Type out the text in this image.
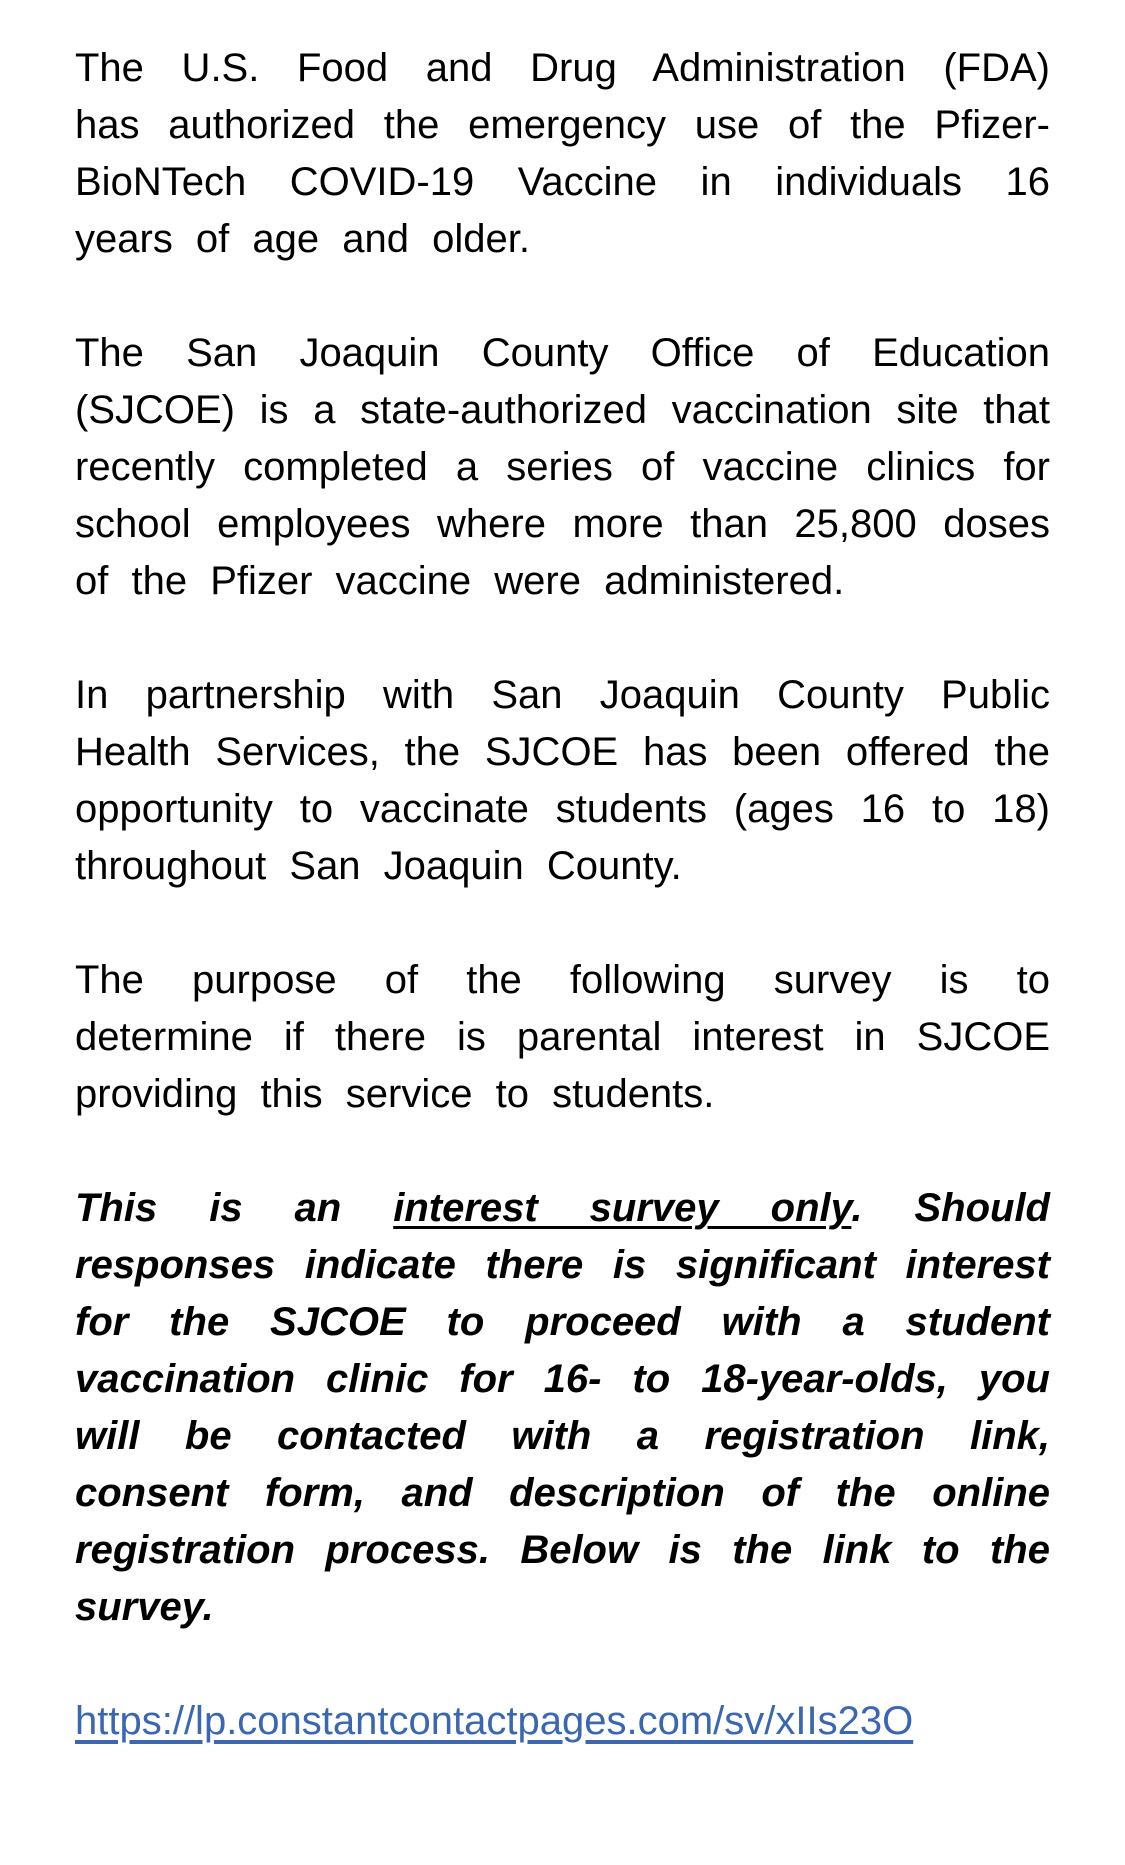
The U.S. Food and Drug Administration (FDA) has authorized the emergency use of the Pfizer-BioNTech COVID-19 Vaccine in individuals 16 years of age and older.

The San Joaquin County Office of Education (SJCOE) is a state-authorized vaccination site that recently completed a series of vaccine clinics for school employees where more than 25,800 doses of the Pfizer vaccine were administered.

In partnership with San Joaquin County Public Health Services, the SJCOE has been offered the opportunity to vaccinate students (ages 16 to 18) throughout San Joaquin County.

The purpose of the following survey is to determine if there is parental interest in SJCOE providing this service to students.

This is an interest survey only. Should responses indicate there is significant interest for the SJCOE to proceed with a student vaccination clinic for 16- to 18-year-olds, you will be contacted with a registration link, consent form, and description of the online registration process. Below is the link to the survey.

https://lp.constantcontactpages.com/sv/xIIs23O
